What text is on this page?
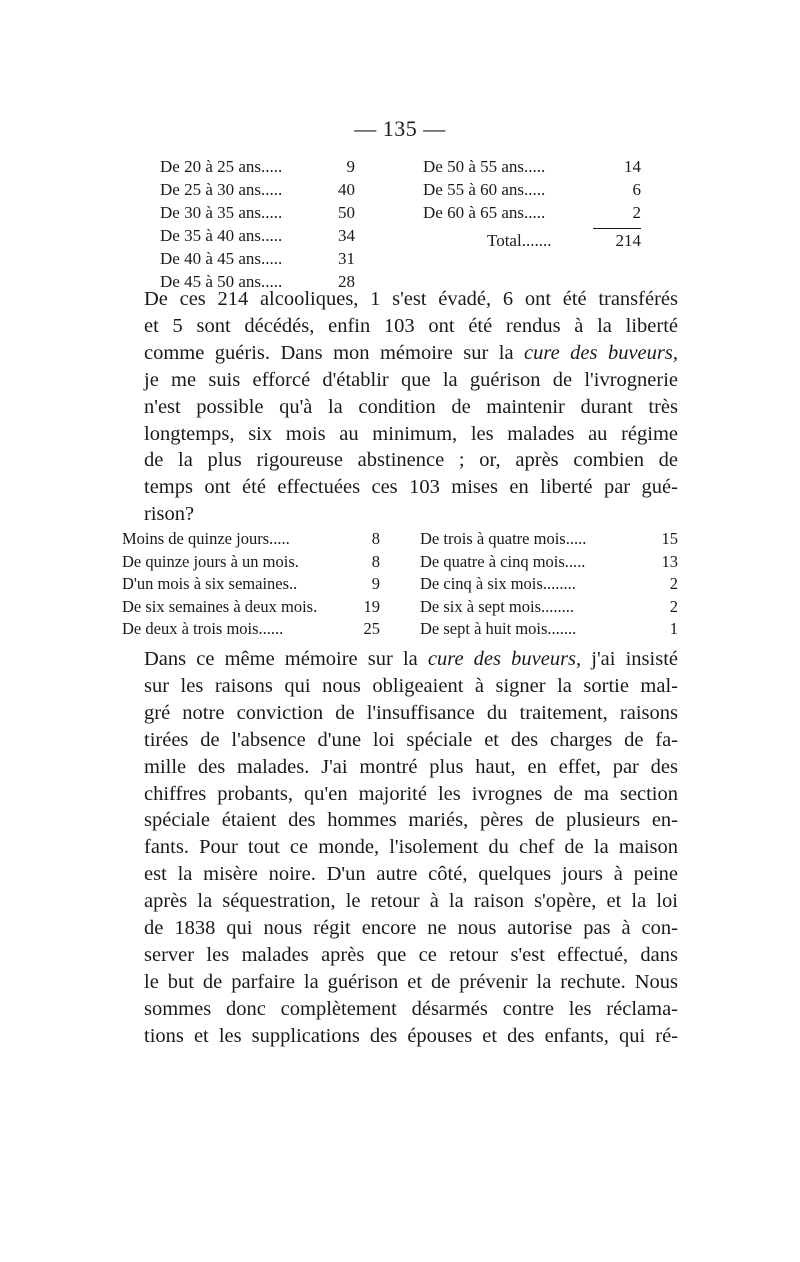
— 135 —
De 20 à 25 ans.....	9
De 25 à 30 ans.....	40
De 30 à 35 ans.....	50
De 35 à 40 ans.....	34
De 40 à 45 ans.....	31
De 45 à 50 ans.....	28
De 50 à 55 ans.....	14
De 55 à 60 ans.....	6
De 60 à 65 ans.....	2
Total.......	214

De ces 214 alcooliques, 1 s'est évadé, 6 ont été transférés
et 5 sont décédés, enfin 103 ont été rendus à la liberté
comme guéris. Dans mon mémoire sur la cure des buveurs,
je me suis efforcé d'établir que la guérison de l'ivrognerie
n'est possible qu'à la condition de maintenir durant très
longtemps, six mois au minimum, les malades au régime
de la plus rigoureuse abstinence ; or, après combien de
temps ont été effectuées ces 103 mises en liberté par gué-
rison?

Moins de quinze jours.....	8
De quinze jours à un mois.	8
D'un mois à six semaines..	9
De six semaines à deux mois.	19
De deux à trois mois......	25
De trois à quatre mois.....	15
De quatre à cinq mois.....	13
De cinq à six mois........	2
De six à sept mois........	2
De sept à huit mois.......	1

Dans ce même mémoire sur la cure des buveurs, j'ai insisté
sur les raisons qui nous obligeaient à signer la sortie mal-
gré notre conviction de l'insuffisance du traitement, raisons
tirées de l'absence d'une loi spéciale et des charges de fa-
mille des malades. J'ai montré plus haut, en effet, par des
chiffres probants, qu'en majorité les ivrognes de ma section
spéciale étaient des hommes mariés, pères de plusieurs en-
fants. Pour tout ce monde, l'isolement du chef de la maison
est la misère noire. D'un autre côté, quelques jours à peine
après la séquestration, le retour à la raison s'opère, et la loi
de 1838 qui nous régit encore ne nous autorise pas à con-
server les malades après que ce retour s'est effectué, dans
le but de parfaire la guérison et de prévenir la rechute. Nous
sommes donc complètement désarmés contre les réclama-
tions et les supplications des épouses et des enfants, qui ré-
